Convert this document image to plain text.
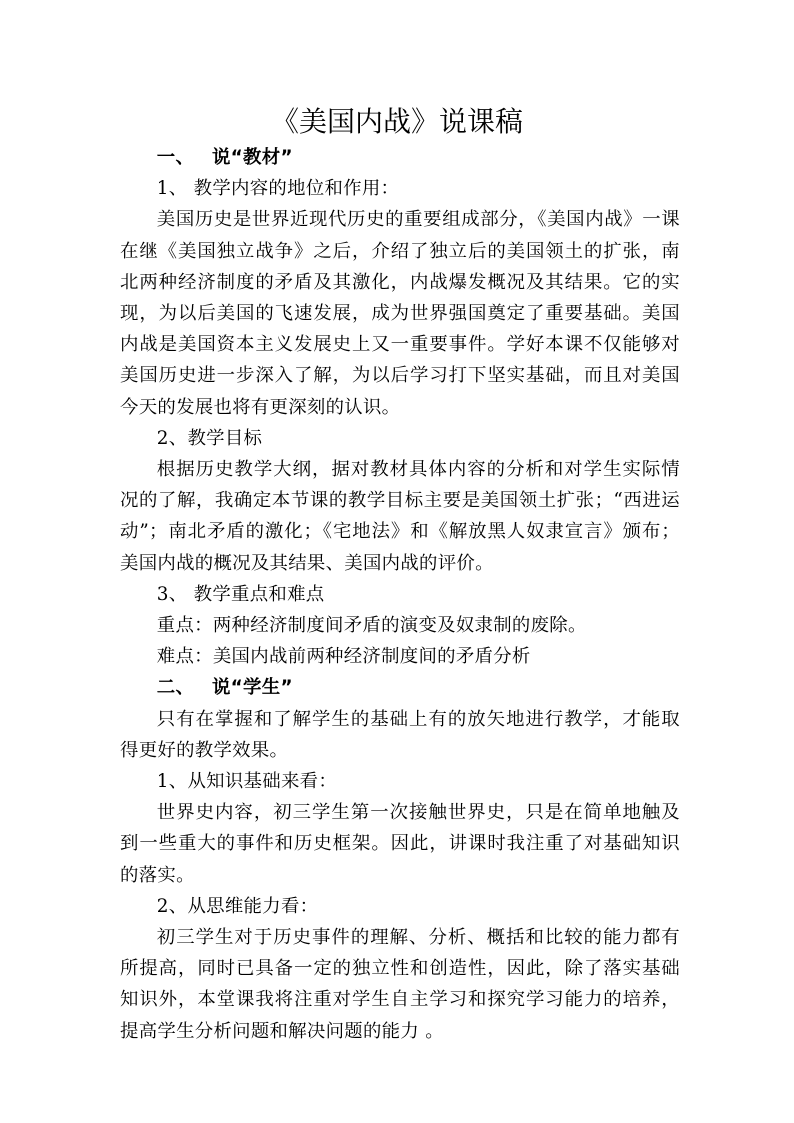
《美国内战》说课稿

一、 说“教材”

1、 教学内容的地位和作用：

美国历史是世界近现代历史的重要组成部分，《美国内战》一课在继《美国独立战争》之后，介绍了独立后的美国领土的扩张，南北两种经济制度的矛盾及其激化，内战爆发概况及其结果。它的实现，为以后美国的飞速发展，成为世界强国奠定了重要基础。美国内战是美国资本主义发展史上又一重要事件。学好本课不仅能够对美国历史进一步深入了解，为以后学习打下坚实基础，而且对美国今天的发展也将有更深刻的认识。

2、教学目标

根据历史教学大纲，据对教材具体内容的分析和对学生实际情况的了解，我确定本节课的教学目标主要是美国领土扩张；“西进运动”；南北矛盾的激化；《宅地法》和《解放黑人奴隶宣言》颁布；美国内战的概况及其结果、美国内战的评价。

3、 教学重点和难点

重点：两种经济制度间矛盾的演变及奴隶制的废除。

难点：美国内战前两种经济制度间的矛盾分析

二、 说“学生”

只有在掌握和了解学生的基础上有的放矢地进行教学，才能取得更好的教学效果。

1、从知识基础来看：

世界史内容，初三学生第一次接触世界史，只是在简单地触及到一些重大的事件和历史框架。因此，讲课时我注重了对基础知识的落实。

2、从思维能力看：

初三学生对于历史事件的理解、分析、概括和比较的能力都有所提高，同时已具备一定的独立性和创造性，因此，除了落实基础知识外，本堂课我将注重对学生自主学习和探究学习能力的培养，提高学生分析问题和解决问题的能力 。
